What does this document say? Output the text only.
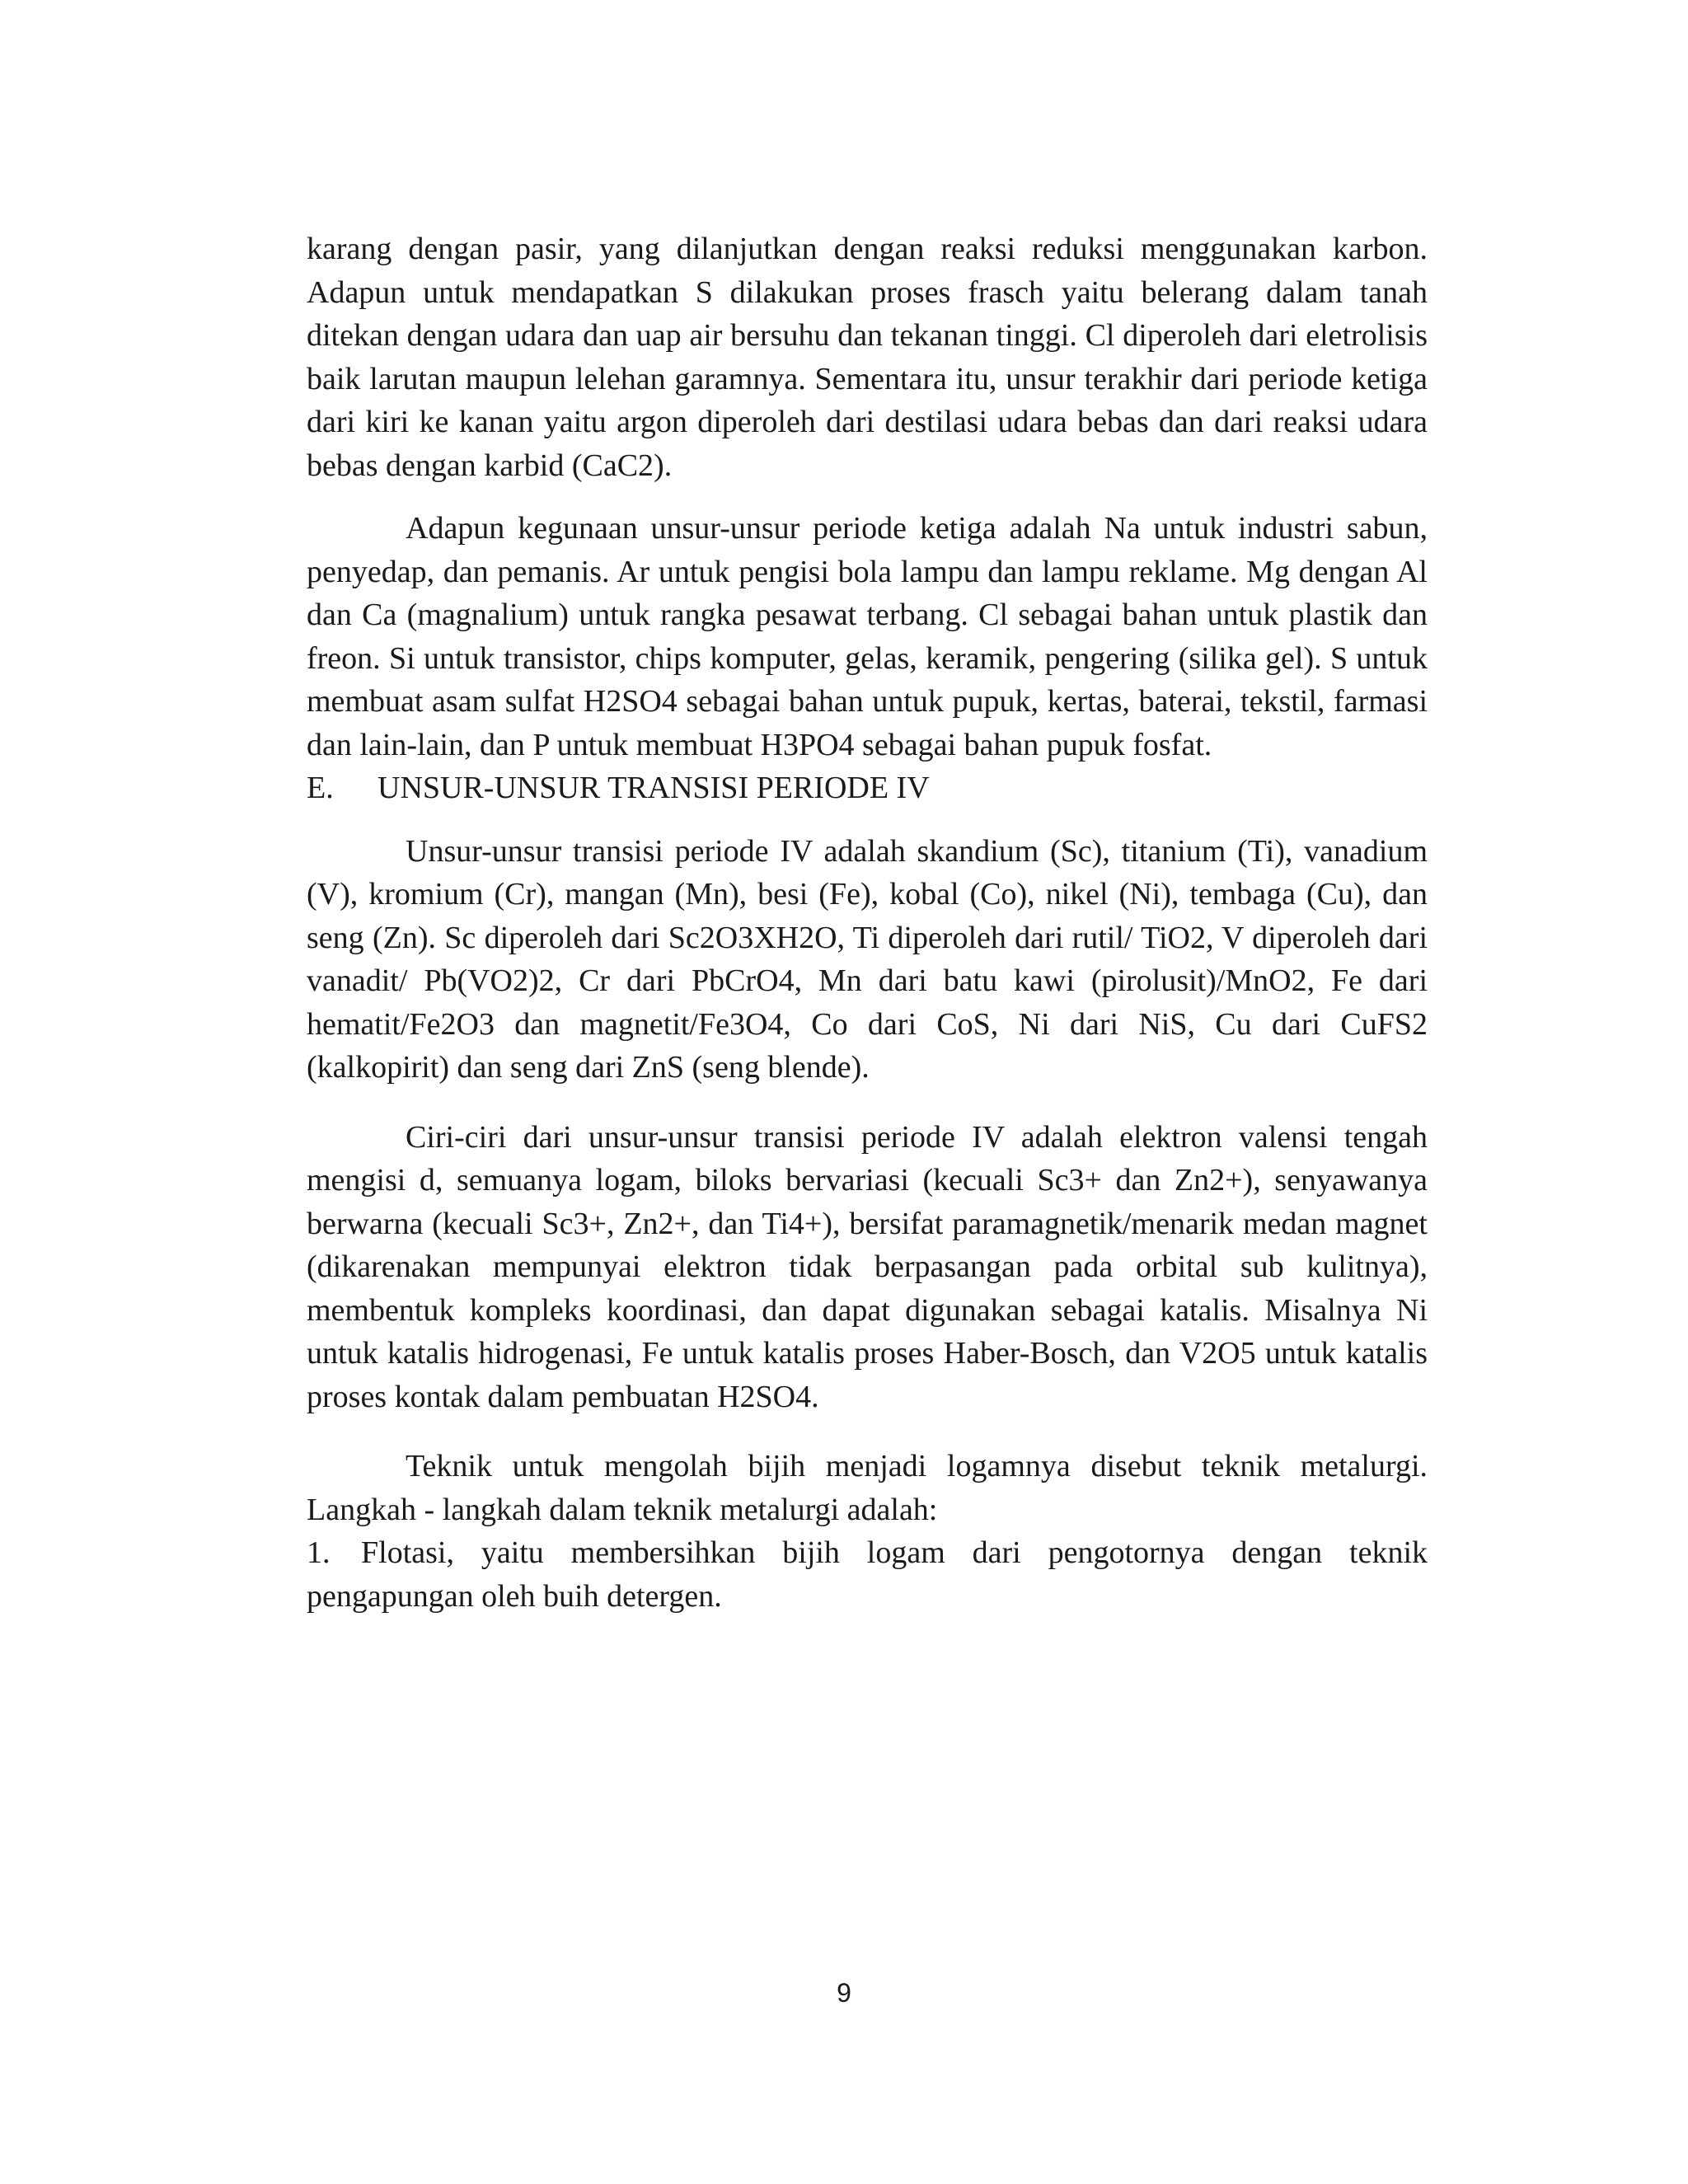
karang dengan pasir, yang dilanjutkan dengan reaksi reduksi menggunakan karbon. Adapun untuk mendapatkan S dilakukan proses frasch yaitu belerang dalam tanah ditekan dengan udara dan uap air bersuhu dan tekanan tinggi. Cl diperoleh dari eletrolisis baik larutan maupun lelehan garamnya. Sementara itu, unsur terakhir dari periode ketiga dari kiri ke kanan yaitu argon diperoleh dari destilasi udara bebas dan dari reaksi udara bebas dengan karbid (CaC2).

Adapun kegunaan unsur-unsur periode ketiga adalah Na untuk industri sabun, penyedap, dan pemanis. Ar untuk pengisi bola lampu dan lampu reklame. Mg dengan Al dan Ca (magnalium) untuk rangka pesawat terbang. Cl sebagai bahan untuk plastik dan freon. Si untuk transistor, chips komputer, gelas, keramik, pengering (silika gel). S untuk membuat asam sulfat H2SO4 sebagai bahan untuk pupuk, kertas, baterai, tekstil, farmasi dan lain-lain, dan P untuk membuat H3PO4 sebagai bahan pupuk fosfat.

E.	UNSUR-UNSUR TRANSISI PERIODE IV

Unsur-unsur transisi periode IV adalah skandium (Sc), titanium (Ti), vanadium (V), kromium (Cr), mangan (Mn), besi (Fe), kobal (Co), nikel (Ni), tembaga (Cu), dan seng (Zn). Sc diperoleh dari Sc2O3XH2O, Ti diperoleh dari rutil/ TiO2, V diperoleh dari vanadit/ Pb(VO2)2, Cr dari PbCrO4, Mn dari batu kawi (pirolusit)/MnO2, Fe dari hematit/Fe2O3 dan magnetit/Fe3O4, Co dari CoS, Ni dari NiS, Cu dari CuFS2 (kalkopirit) dan seng dari ZnS (seng blende).

Ciri-ciri dari unsur-unsur transisi periode IV adalah elektron valensi tengah mengisi d, semuanya logam, biloks bervariasi (kecuali Sc3+ dan Zn2+), senyawanya berwarna (kecuali Sc3+, Zn2+, dan Ti4+), bersifat paramagnetik/menarik medan magnet (dikarenakan mempunyai elektron tidak berpasangan pada orbital sub kulitnya), membentuk kompleks koordinasi, dan dapat digunakan sebagai katalis. Misalnya Ni untuk katalis hidrogenasi, Fe untuk katalis proses Haber-Bosch, dan V2O5 untuk katalis proses kontak dalam pembuatan H2SO4.

Teknik untuk mengolah bijih menjadi logamnya disebut teknik metalurgi. Langkah - langkah dalam teknik metalurgi adalah:

1. Flotasi, yaitu membersihkan bijih logam dari pengotornya dengan teknik pengapungan oleh buih detergen.

9
